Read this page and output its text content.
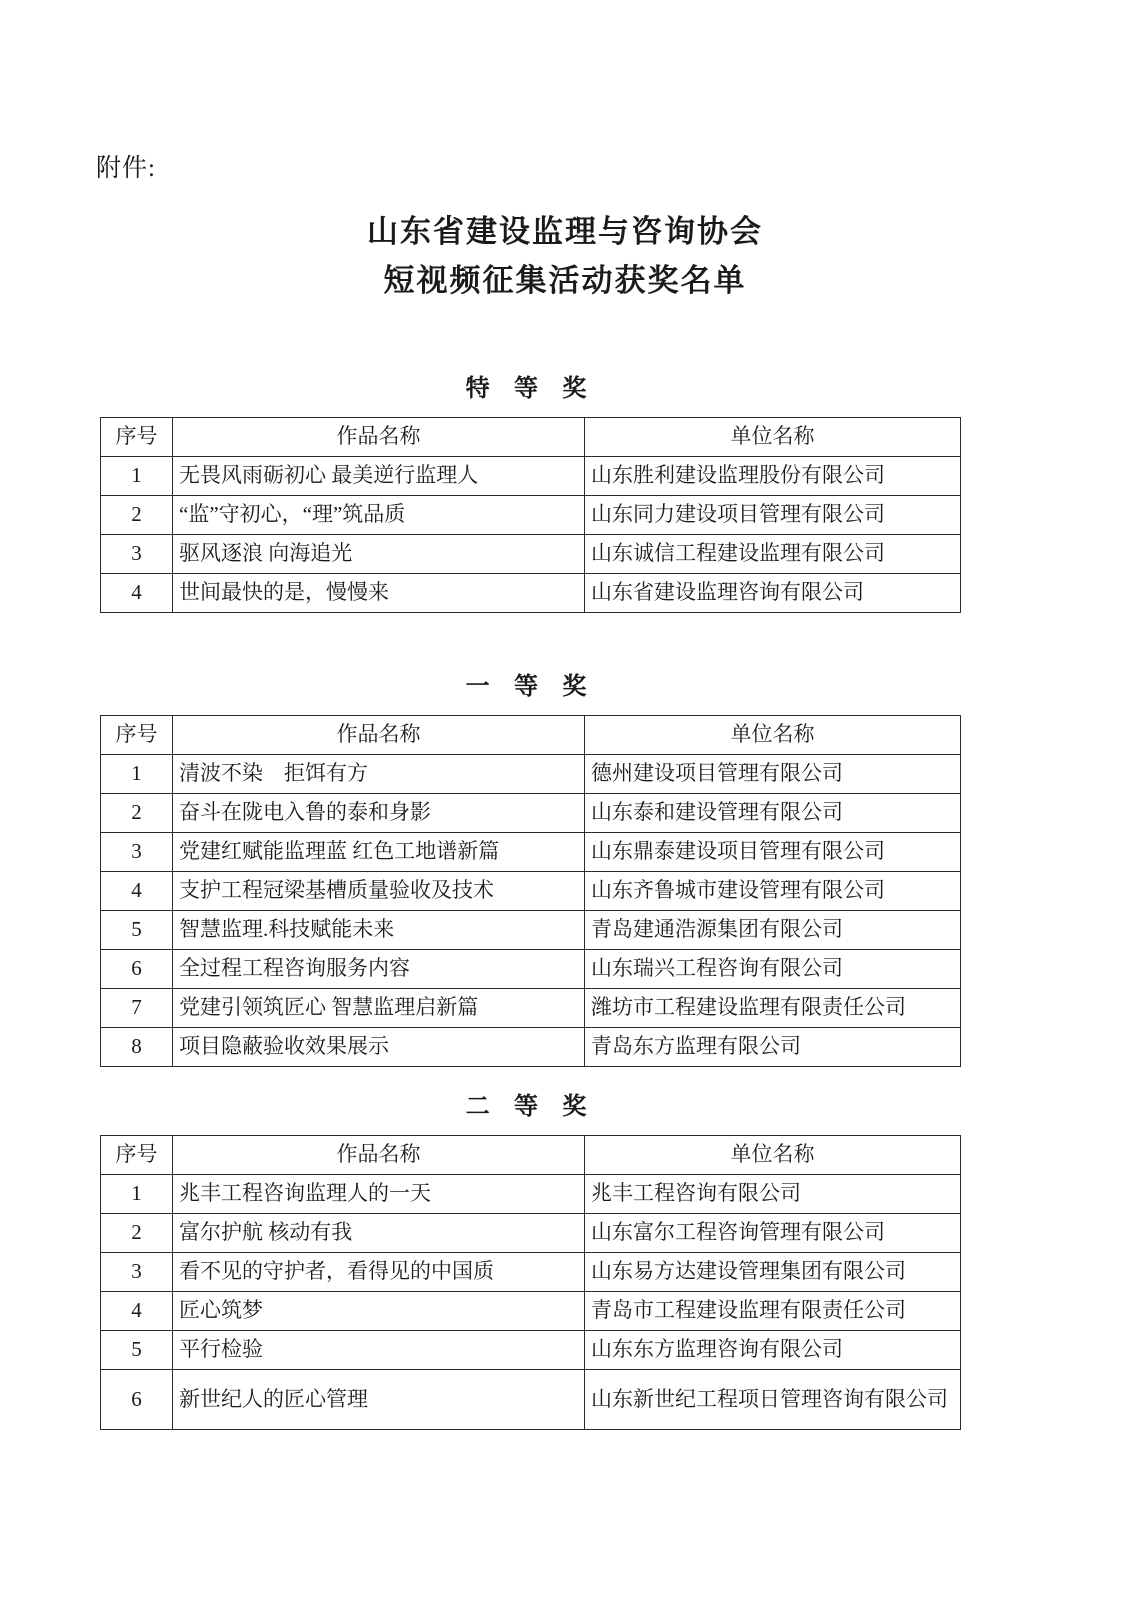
附件:
山东省建设监理与咨询协会
短视频征集活动获奖名单
特 等 奖
序号	作品名称	单位名称
1	无畏风雨砺初心 最美逆行监理人	山东胜利建设监理股份有限公司
2	“监”守初心，“理”筑品质	山东同力建设项目管理有限公司
3	驱风逐浪 向海追光	山东诚信工程建设监理有限公司
4	世间最快的是，慢慢来	山东省建设监理咨询有限公司
一 等 奖
序号	作品名称	单位名称
1	清波不染　拒饵有方	德州建设项目管理有限公司
2	奋斗在陇电入鲁的泰和身影	山东泰和建设管理有限公司
3	党建红赋能监理蓝 红色工地谱新篇	山东鼎泰建设项目管理有限公司
4	支护工程冠梁基槽质量验收及技术	山东齐鲁城市建设管理有限公司
5	智慧监理.科技赋能未来	青岛建通浩源集团有限公司
6	全过程工程咨询服务内容	山东瑞兴工程咨询有限公司
7	党建引领筑匠心 智慧监理启新篇	潍坊市工程建设监理有限责任公司
8	项目隐蔽验收效果展示	青岛东方监理有限公司
二 等 奖
序号	作品名称	单位名称
1	兆丰工程咨询监理人的一天	兆丰工程咨询有限公司
2	富尔护航 核动有我	山东富尔工程咨询管理有限公司
3	看不见的守护者，看得见的中国质	山东易方达建设管理集团有限公司
4	匠心筑梦	青岛市工程建设监理有限责任公司
5	平行检验	山东东方监理咨询有限公司
6	新世纪人的匠心管理	山东新世纪工程项日管理咨询有限公司
